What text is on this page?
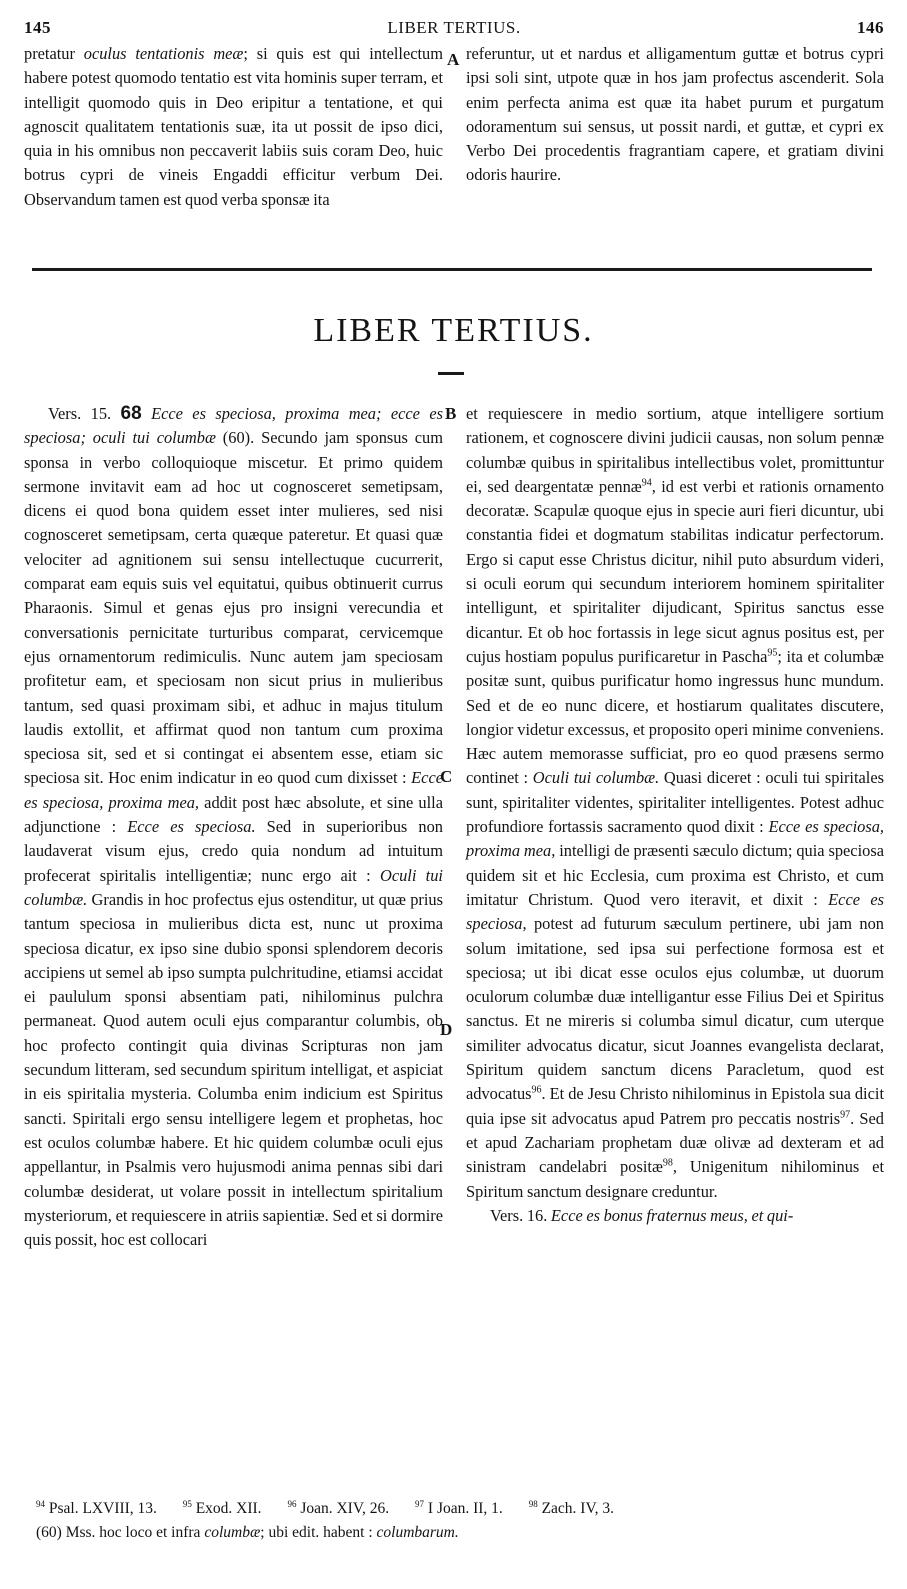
145	LIBER TERTIUS.	146

pretatur oculus tentationis meæ; si quis est qui intellectum habere potest quomodo tentatio est vita hominis super terram, et intelligit quomodo quis in Deo eripitur a tentatione, et qui agnoscit qualitatem tentationis suæ, ita ut possit de ipso dici, quia in his omnibus non peccaverit labiis suis coram Deo, huic botrus cypri de vineis Engaddi efficitur verbum Dei. Observandum tamen est quod verba sponsæ ita

referuntur, ut et nardus et alligamentum guttæ et botrus cypri ipsi soli sint, utpote quæ in hos jam profectus ascenderit. Sola enim perfecta anima est quæ ita habet purum et purgatum odoramentum sui sensus, ut possit nardi, et guttæ, et cypri ex Verbo Dei procedentis fragrantiam capere, et gratiam divini odoris haurire.

A
LIBER TERTIUS.
B
C
D

Vers. 15. 68 Ecce es speciosa, proxima mea; ecce es speciosa; oculi tui columbæ (60). Secundo jam sponsus cum sponsa in verbo colloquioque miscetur. Et primo quidem sermone invitavit eam ad hoc ut cognosceret semetipsam, dicens ei quod bona quidem esset inter mulieres, sed nisi cognosceret semetipsam, certa quæque pateretur. Et quasi quæ velociter ad agnitionem sui sensu intellectuque cucurrerit, comparat eam equis suis vel equitatui, quibus obtinuerit currus Pharaonis. Simul et genas ejus pro insigni verecundia et conversationis pernicitate turturibus comparat, cervicemque ejus ornamentorum redimiculis. Nunc autem jam speciosam profitetur eam, et speciosam non sicut prius in mulieribus tantum, sed quasi proximam sibi, et adhuc in majus titulum laudis extollit, et affirmat quod non tantum cum proxima speciosa sit, sed et si contingat ei absentem esse, etiam sic speciosa sit. Hoc enim indicatur in eo quod cum dixisset : Ecce es speciosa, proxima mea, addit post hæc absolute, et sine ulla adjunctione : Ecce es speciosa. Sed in superioribus non laudaverat visum ejus, credo quia nondum ad intuitum profecerat spiritalis intelligentiæ; nunc ergo ait : Oculi tui columbæ. Grandis in hoc profectus ejus ostenditur, ut quæ prius tantum speciosa in mulieribus dicta est, nunc ut proxima speciosa dicatur, ex ipso sine dubio sponsi splendorem decoris accipiens ut semel ab ipso sumpta pulchritudine, etiamsi accidat ei paululum sponsi absentiam pati, nihilominus pulchra permaneat. Quod autem oculi ejus comparantur columbis, ob hoc profecto contingit quia divinas Scripturas non jam secundum litteram, sed secundum spiritum intelligat, et aspiciat in eis spiritalia mysteria. Columba enim indicium est Spiritus sancti. Spiritali ergo sensu intelligere legem et prophetas, hoc est oculos columbæ habere. Et hic quidem columbæ oculi ejus appellantur, in Psalmis vero hujusmodi anima pennas sibi dari columbæ desiderat, ut volare possit in intellectum spiritalium mysteriorum, et requiescere in atriis sapientiæ. Sed et si dormire quis possit, hoc est collocari

et requiescere in medio sortium, atque intelligere sortium rationem, et cognoscere divini judicii causas, non solum pennæ columbæ quibus in spiritalibus intellectibus volet, promittuntur ei, sed deargentatæ pennæ$^{94}$, id est verbi et rationis ornamento decoratæ. Scapulæ quoque ejus in specie auri fieri dicuntur, ubi constantia fidei et dogmatum stabilitas indicatur perfectorum. Ergo si caput esse Christus dicitur, nihil puto absurdum videri, si oculi eorum qui secundum interiorem hominem spiritaliter intelligunt, et spiritaliter dijudicant, Spiritus sanctus esse dicantur. Et ob hoc fortassis in lege sicut agnus positus est, per cujus hostiam populus purificaretur in Pascha$^{95}$; ita et columbæ positæ sunt, quibus purificatur homo ingressus hunc mundum. Sed et de eo nunc dicere, et hostiarum qualitates discutere, longior videtur excessus, et proposito operi minime conveniens. Hæc autem memorasse sufficiat, pro eo quod præsens sermo continet : Oculi tui columbæ. Quasi diceret : oculi tui spiritales sunt, spiritaliter videntes, spiritaliter intelligentes. Potest adhuc profundiore fortassis sacramento quod dixit : Ecce es speciosa, proxima mea, intelligi de præsenti sæculo dictum; quia speciosa quidem sit et hic Ecclesia, cum proxima est Christo, et cum imitatur Christum. Quod vero iteravit, et dixit : Ecce es speciosa, potest ad futurum sæculum pertinere, ubi jam non solum imitatione, sed ipsa sui perfectione formosa est et speciosa; ut ibi dicat esse oculos ejus columbæ, ut duorum oculorum columbæ duæ intelligantur esse Filius Dei et Spiritus sanctus. Et ne mireris si columba simul dicatur, cum uterque similiter advocatus dicatur, sicut Joannes evangelista declarat, Spiritum quidem sanctum dicens Paracletum, quod est advocatus$^{96}$. Et de Jesu Christo nihilominus in Epistola sua dicit quia ipse sit advocatus apud Patrem pro peccatis nostris$^{97}$. Sed et apud Zachariam prophetam duæ olivæ ad dexteram et ad sinistram candelabri positæ$^{98}$, Unigenitum nihilominus et Spiritum sanctum designare creduntur.

Vers. 16. Ecce es bonus fraternus meus, et qui-

$^{94}$ Psal. LXVIII, 13.	$^{95}$ Exod. XII.	$^{96}$ Joan. XIV, 26.	$^{97}$ I Joan. II, 1.	$^{98}$ Zach. IV, 3.
(60) Mss. hoc loco et infra columbæ; ubi edit. habent : columbarum.
